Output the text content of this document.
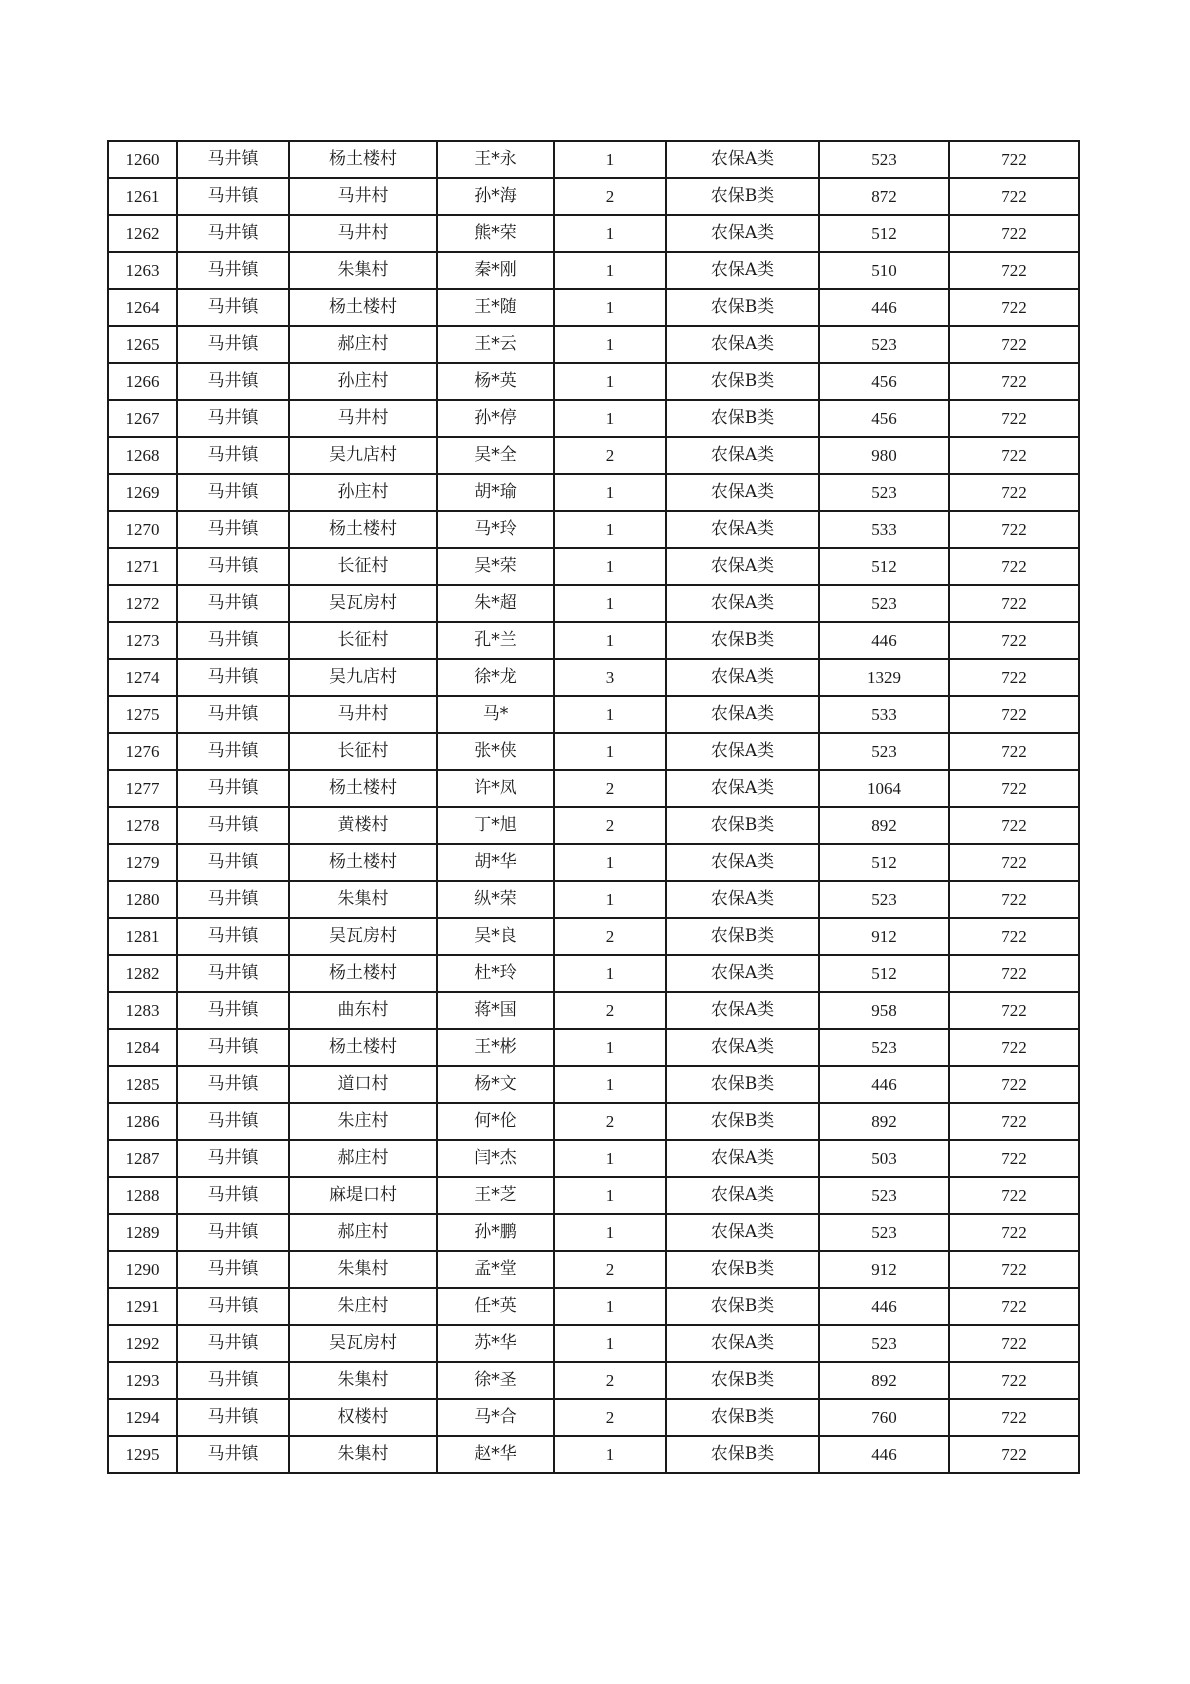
1260	马井镇	杨土楼村	王*永	1	农保A类	523	722
1261	马井镇	马井村	孙*海	2	农保B类	872	722
1262	马井镇	马井村	熊*荣	1	农保A类	512	722
1263	马井镇	朱集村	秦*刚	1	农保A类	510	722
1264	马井镇	杨土楼村	王*随	1	农保B类	446	722
1265	马井镇	郝庄村	王*云	1	农保A类	523	722
1266	马井镇	孙庄村	杨*英	1	农保B类	456	722
1267	马井镇	马井村	孙*停	1	农保B类	456	722
1268	马井镇	吴九店村	吴*全	2	农保A类	980	722
1269	马井镇	孙庄村	胡*瑜	1	农保A类	523	722
1270	马井镇	杨土楼村	马*玲	1	农保A类	533	722
1271	马井镇	长征村	吴*荣	1	农保A类	512	722
1272	马井镇	吴瓦房村	朱*超	1	农保A类	523	722
1273	马井镇	长征村	孔*兰	1	农保B类	446	722
1274	马井镇	吴九店村	徐*龙	3	农保A类	1329	722
1275	马井镇	马井村	马*	1	农保A类	533	722
1276	马井镇	长征村	张*侠	1	农保A类	523	722
1277	马井镇	杨土楼村	许*凤	2	农保A类	1064	722
1278	马井镇	黄楼村	丁*旭	2	农保B类	892	722
1279	马井镇	杨土楼村	胡*华	1	农保A类	512	722
1280	马井镇	朱集村	纵*荣	1	农保A类	523	722
1281	马井镇	吴瓦房村	吴*良	2	农保B类	912	722
1282	马井镇	杨土楼村	杜*玲	1	农保A类	512	722
1283	马井镇	曲东村	蒋*国	2	农保A类	958	722
1284	马井镇	杨土楼村	王*彬	1	农保A类	523	722
1285	马井镇	道口村	杨*文	1	农保B类	446	722
1286	马井镇	朱庄村	何*伦	2	农保B类	892	722
1287	马井镇	郝庄村	闫*杰	1	农保A类	503	722
1288	马井镇	麻堤口村	王*芝	1	农保A类	523	722
1289	马井镇	郝庄村	孙*鹏	1	农保A类	523	722
1290	马井镇	朱集村	孟*堂	2	农保B类	912	722
1291	马井镇	朱庄村	任*英	1	农保B类	446	722
1292	马井镇	吴瓦房村	苏*华	1	农保A类	523	722
1293	马井镇	朱集村	徐*圣	2	农保B类	892	722
1294	马井镇	权楼村	马*合	2	农保B类	760	722
1295	马井镇	朱集村	赵*华	1	农保B类	446	722
